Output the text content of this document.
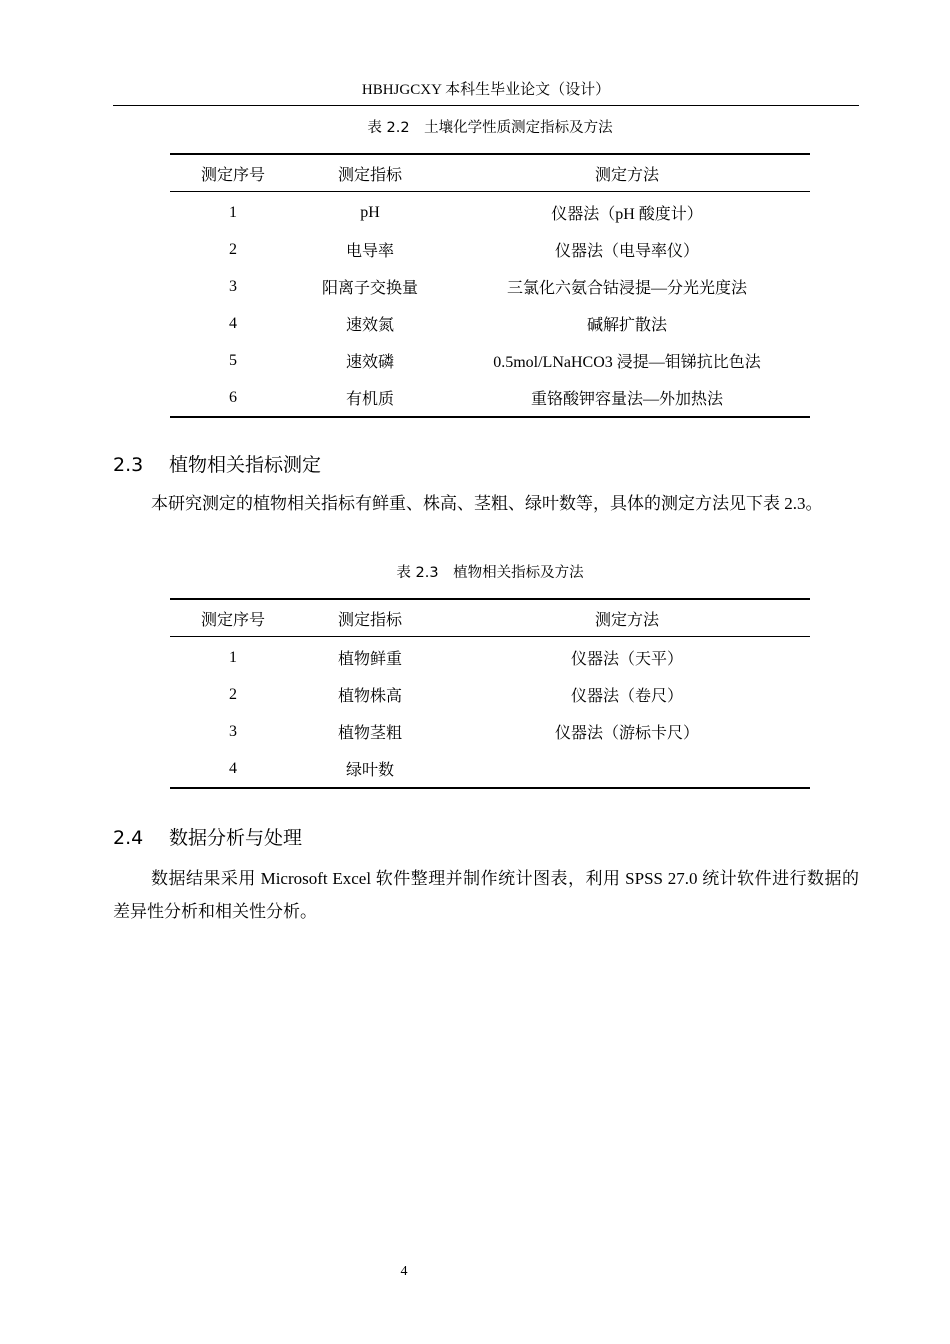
HBHJGCXY 本科生毕业论文（设计）
表 2.2　土壤化学性质测定指标及方法
测定序号	测定指标	测定方法
1	pH	仪器法（pH 酸度计）
2	电导率	仪器法（电导率仪）
3	阳离子交换量	三氯化六氨合钴浸提—分光光度法
4	速效氮	碱解扩散法
5	速效磷	0.5mol/LNaHCO3 浸提—钼锑抗比色法
6	有机质	重铬酸钾容量法—外加热法
2.3 植物相关指标测定

本研究测定的植物相关指标有鲜重、株高、茎粗、绿叶数等，具体的测定方法见下表 2.3。

表 2.3　植物相关指标及方法
测定序号	测定指标	测定方法
1	植物鲜重	仪器法（天平）
2	植物株高	仪器法（卷尺）
3	植物茎粗	仪器法（游标卡尺）
4	绿叶数	
2.4 数据分析与处理

数据结果采用 Microsoft Excel 软件整理并制作统计图表，利用 SPSS 27.0 统计软件进行数据的差异性分析和相关性分析。

4
